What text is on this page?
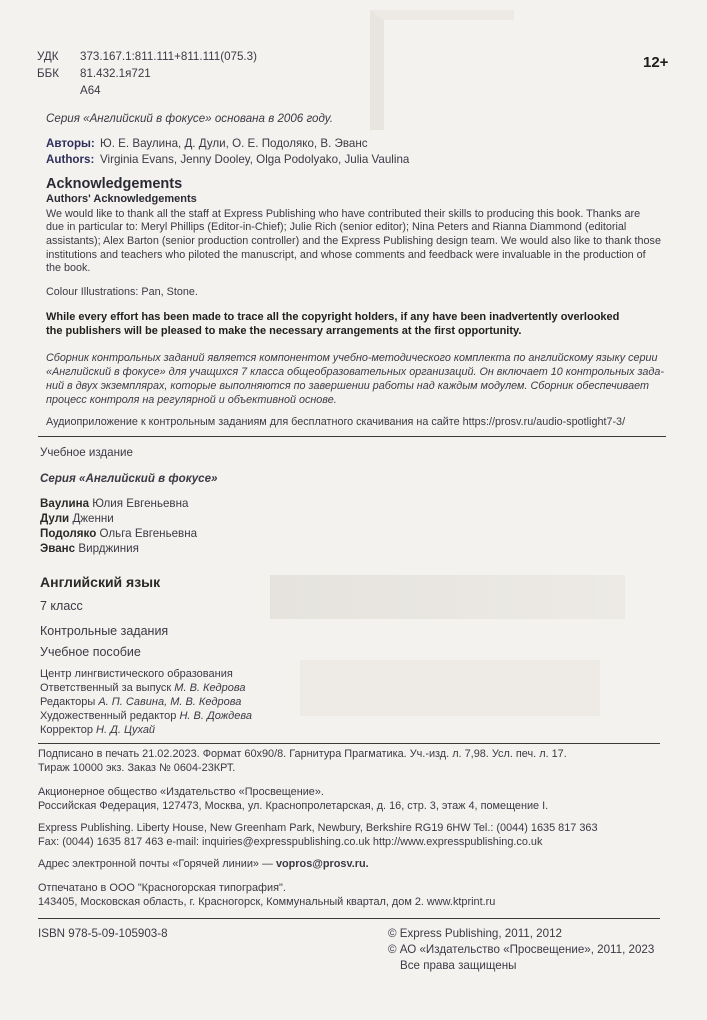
УДК 373.167.1:811.111+811.111(075.3)
ББК 81.432.1я721
А64
12+
Серия «Английский в фокусе» основана в 2006 году.
Авторы: Ю. Е. Ваулина, Д. Дули, О. Е. Подоляко, В. Эванс
Authors: Virginia Evans, Jenny Dooley, Olga Podolyako, Julia Vaulina
Acknowledgements
Authors' Acknowledgements
We would like to thank all the staff at Express Publishing who have contributed their skills to producing this book. Thanks are
due in particular to: Meryl Phillips (Editor-in-Chief); Julie Rich (senior editor); Nina Peters and Rianna Diammond (editorial
assistants); Alex Barton (senior production controller) and the Express Publishing design team. We would also like to thank those
institutions and teachers who piloted the manuscript, and whose comments and feedback were invaluable in the production of
the book.
Colour Illustrations: Pan, Stone.
While every effort has been made to trace all the copyright holders, if any have been inadvertently overlooked
the publishers will be pleased to make the necessary arrangements at the first opportunity.
Сборник контрольных заданий является компонентом учебно-методического комплекта по английскому языку серии
«Английский в фокусе» для учащихся 7 класса общеобразовательных организаций. Он включает 10 контрольных зада-
ний в двух экземплярах, которые выполняются по завершении работы над каждым модулем. Сборник обеспечивает
процесс контроля на регулярной и объективной основе.
Аудиоприложение к контрольным заданиям для бесплатного скачивания на сайте https://prosv.ru/audio-spotlight7-3/
Учебное издание
Серия «Английский в фокусе»
Ваулина Юлия Евгеньевна
Дули Дженни
Подоляко Ольга Евгеньевна
Эванс Вирджиния
Английский язык
7 класс
Контрольные задания
Учебное пособие
Центр лингвистического образования
Ответственный за выпуск М. В. Кедрова
Редакторы А. П. Савина, М. В. Кедрова
Художественный редактор Н. В. Дождева
Корректор Н. Д. Цухай
Подписано в печать 21.02.2023. Формат 60х90/8. Гарнитура Прагматика. Уч.-изд. л. 7,98. Усл. печ. л. 17.
Тираж 10000 экз. Заказ № 0604-23КРТ.
Акционерное общество «Издательство «Просвещение».
Российская Федерация, 127473, Москва, ул. Краснопролетарская, д. 16, стр. 3, этаж 4, помещение I.
Express Publishing. Liberty House, New Greenham Park, Newbury, Berkshire RG19 6HW Tel.: (0044) 1635 817 363
Fax: (0044) 1635 817 463 e-mail: inquiries@expresspublishing.co.uk http://www.expresspublishing.co.uk
Адрес электронной почты «Горячей линии» — vopros@prosv.ru.
Отпечатано в ООО "Красногорская типография".
143405, Московская область, г. Красногорск, Коммунальный квартал, дом 2. www.ktprint.ru
ISBN 978-5-09-105903-8	© Express Publishing, 2011, 2012
© АО «Издательство «Просвещение», 2011, 2023
Все права защищены
